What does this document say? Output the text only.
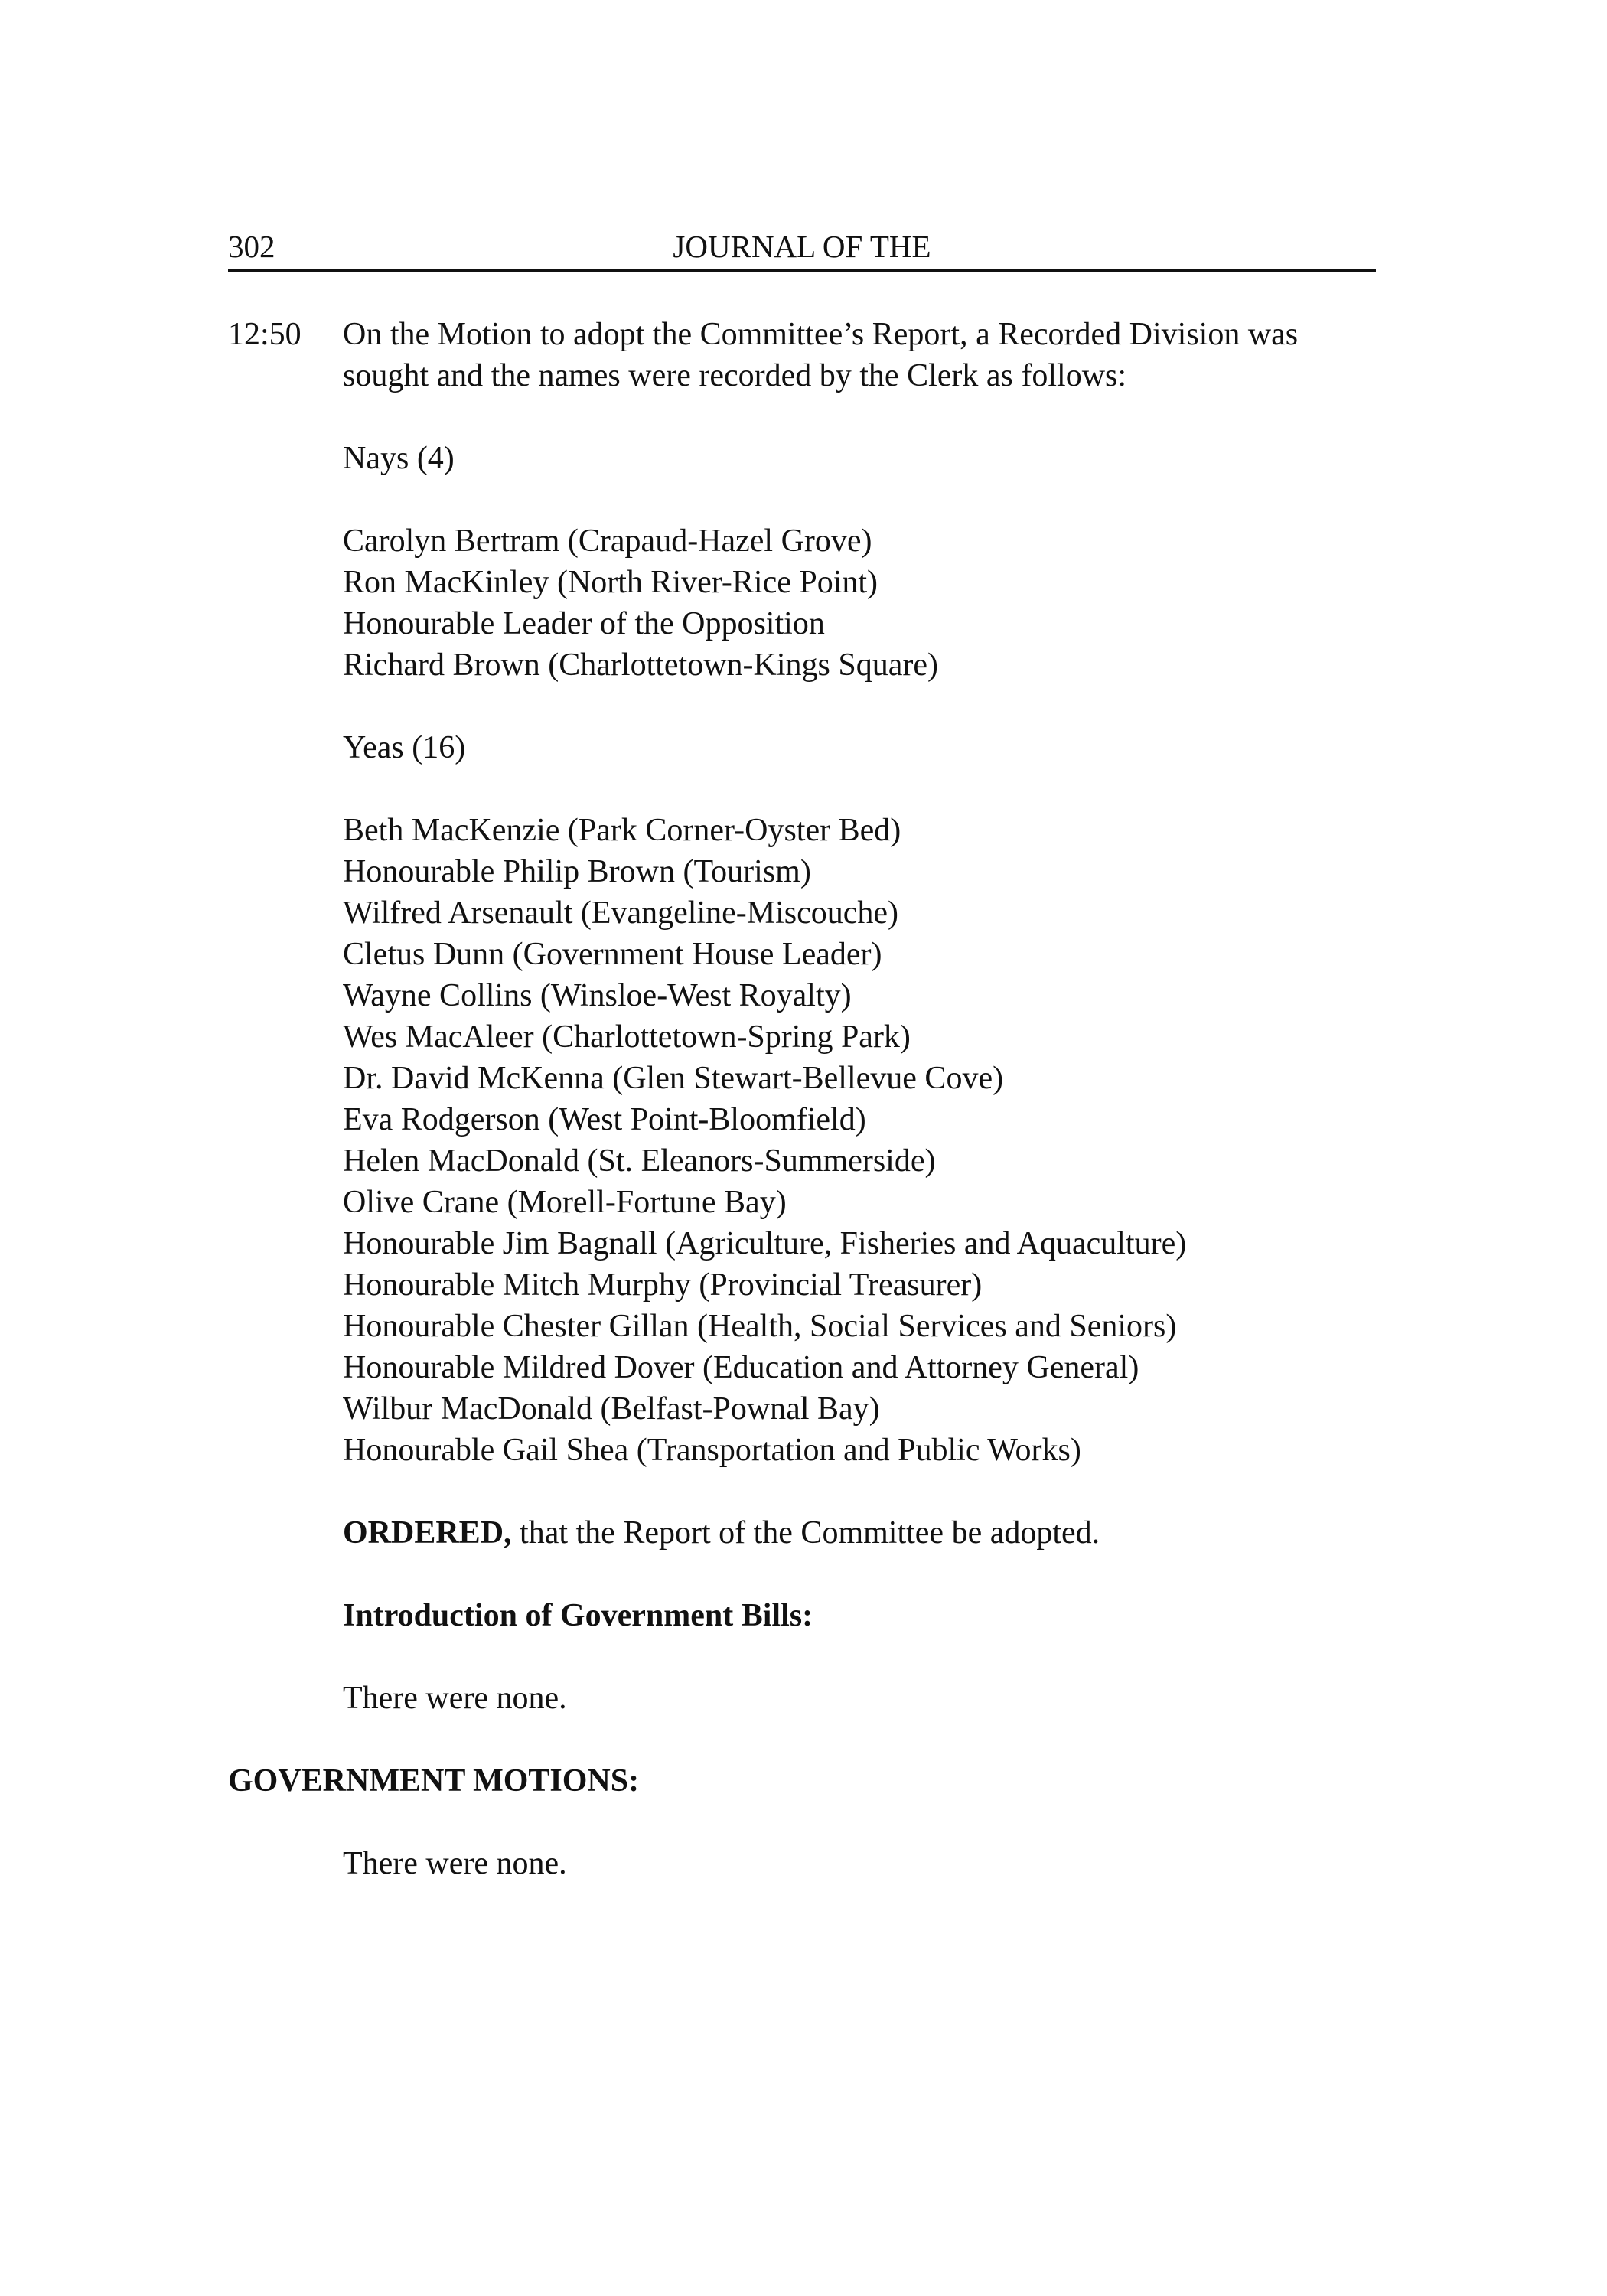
302	JOURNAL OF THE
12:50 On the Motion to adopt the Committee’s Report, a Recorded Division was
sought and the names were recorded by the Clerk as follows:
Nays (4)
Carolyn Bertram (Crapaud-Hazel Grove)
Ron MacKinley (North River-Rice Point)
Honourable Leader of the Opposition
Richard Brown (Charlottetown-Kings Square)
Yeas (16)
Beth MacKenzie (Park Corner-Oyster Bed)
Honourable Philip Brown (Tourism)
Wilfred Arsenault (Evangeline-Miscouche)
Cletus Dunn (Government House Leader)
Wayne Collins (Winsloe-West Royalty)
Wes MacAleer (Charlottetown-Spring Park)
Dr. David McKenna (Glen Stewart-Bellevue Cove)
Eva Rodgerson (West Point-Bloomfield)
Helen MacDonald (St. Eleanors-Summerside)
Olive Crane (Morell-Fortune Bay)
Honourable Jim Bagnall (Agriculture, Fisheries and Aquaculture)
Honourable Mitch Murphy (Provincial Treasurer)
Honourable Chester Gillan (Health, Social Services and Seniors)
Honourable Mildred Dover (Education and Attorney General)
Wilbur MacDonald (Belfast-Pownal Bay)
Honourable Gail Shea (Transportation and Public Works)
ORDERED, that the Report of the Committee be adopted.
Introduction of Government Bills:
There were none.
GOVERNMENT MOTIONS:
There were none.
